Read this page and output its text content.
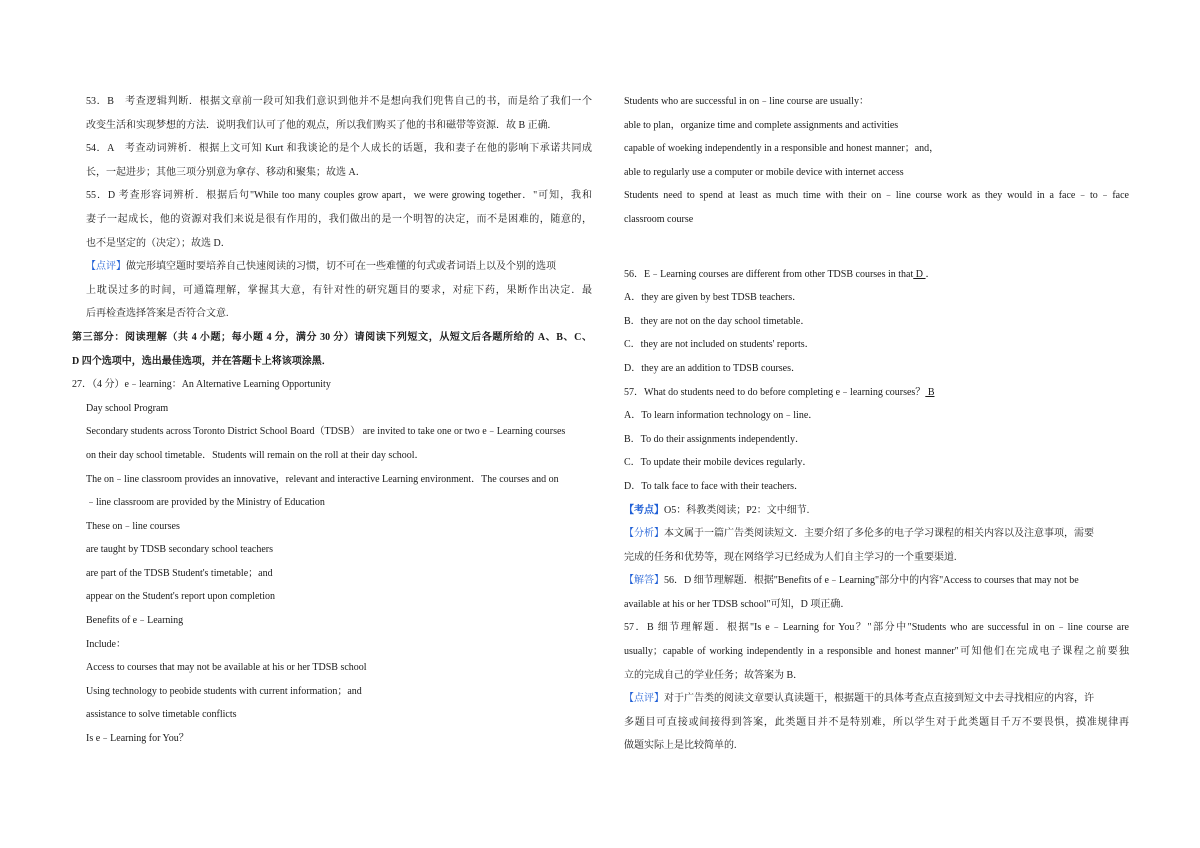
53．B　考查逻辑判断．根据文章前一段可知我们意识到他并不是想向我们兜售自己的书，而是给了我们一个
改变生活和实现梦想的方法．说明我们认可了他的观点，所以我们购买了他的书和磁带等资源．故 B 正确.
54．A　考查动词辨析．根据上文可知 Kurt 和我谈论的是个人成长的话题，我和妻子在他的影响下承诺共同成
长，一起进步；其他三项分别意为拿存、移动和聚集；故选 A．
55．D 考查形容词辨析．根据后句"While too many couples grow apart，we were growing together．"可知，我和
妻子一起成长，他的资源对我们来说是很有作用的，我们做出的是一个明智的决定，而不是困难的，随意的，
也不是坚定的（决定）；故选 D．
【点评】做完形填空题时要培养自己快速阅读的习惯，切不可在一些难懂的句式或者词语上以及个别的选项
上耽误过多的时间，可通篇理解，掌握其大意，有针对性的研究题目的要求，对症下药，果断作出决定．最
后再检查选择答案是否符合文意.
第三部分：阅读理解（共 4 小题；每小题 4 分，满分 30 分）请阅读下列短文，从短文后各题所给的 A、B、C、
D 四个选项中，选出最佳选项，并在答题卡上将该项涂黑．
27．（4 分）e﹣learning：An Alternative Learning Opportunity
Day school Program
Secondary students across Toronto District School Board（TDSB） are invited to take one or two e﹣Learning courses
on their day school timetable．Students will remain on the roll at their day school．
The on﹣line classroom provides an innovative，relevant and interactive Learning environment．The courses and on
﹣line classroom are provided by the Ministry of Education
These on﹣line courses
are taught by TDSB secondary school teachers
are part of the TDSB Student's timetable；and
appear on the Student's report upon completion
Benefits of e﹣Learning
Include：
Access to courses that may not be available at his or her TDSB school
Using technology to peobide students with current information；and
assistance to solve timetable conflicts
Is e﹣Learning for You？
Students who are successful in on﹣line course are usually：
able to plan，organize time and complete assignments and activities
capable of woeking independently in a responsible and honest manner；and，
able to regularly use a computer or mobile device with internet access
Students need to spend at least as much time with their on﹣line course work as they would in a face﹣to﹣face
classroom course
56．E﹣Learning courses are different from other TDSB courses in that D ．
A．they are given by best TDSB teachers．
B．they are not on the day school timetable．
C．they are not included on students' reports．
D．they are an addition to TDSB courses．
57．What do students need to do before completing e﹣learning courses？ B
A．To learn information technology on﹣line．
B．To do their assignments independently．
C．To update their mobile devices regularly．
D．To talk face to face with their teachers．
【考点】O5：科教类阅读；P2：文中细节.
【分析】本文属于一篇广告类阅读短文．主要介绍了多伦多的电子学习课程的相关内容以及注意事项，需要
完成的任务和优势等，现在网络学习已经成为人们自主学习的一个重要渠道.
【解答】56．D 细节理解题．根据"Benefits of e﹣Learning"部分中的内容"Access to courses that may not be
available at his or her TDSB school"可知，D 项正确．
57．B 细节理解题．根据"Is e﹣Learning for You？"部分中"Students who are successful in on﹣line course are
usually；capable of working independently in a responsible and honest manner"可知他们在完成电子课程之前要独
立的完成自己的学业任务；故答案为 B．
【点评】对于广告类的阅读文章要认真读题干，根据题干的具体考查点直接到短文中去寻找相应的内容，许
多题目可直接或间接得到答案，此类题目并不是特别难，所以学生对于此类题目千万不要畏惧，摸准规律再
做题实际上是比较简单的.
